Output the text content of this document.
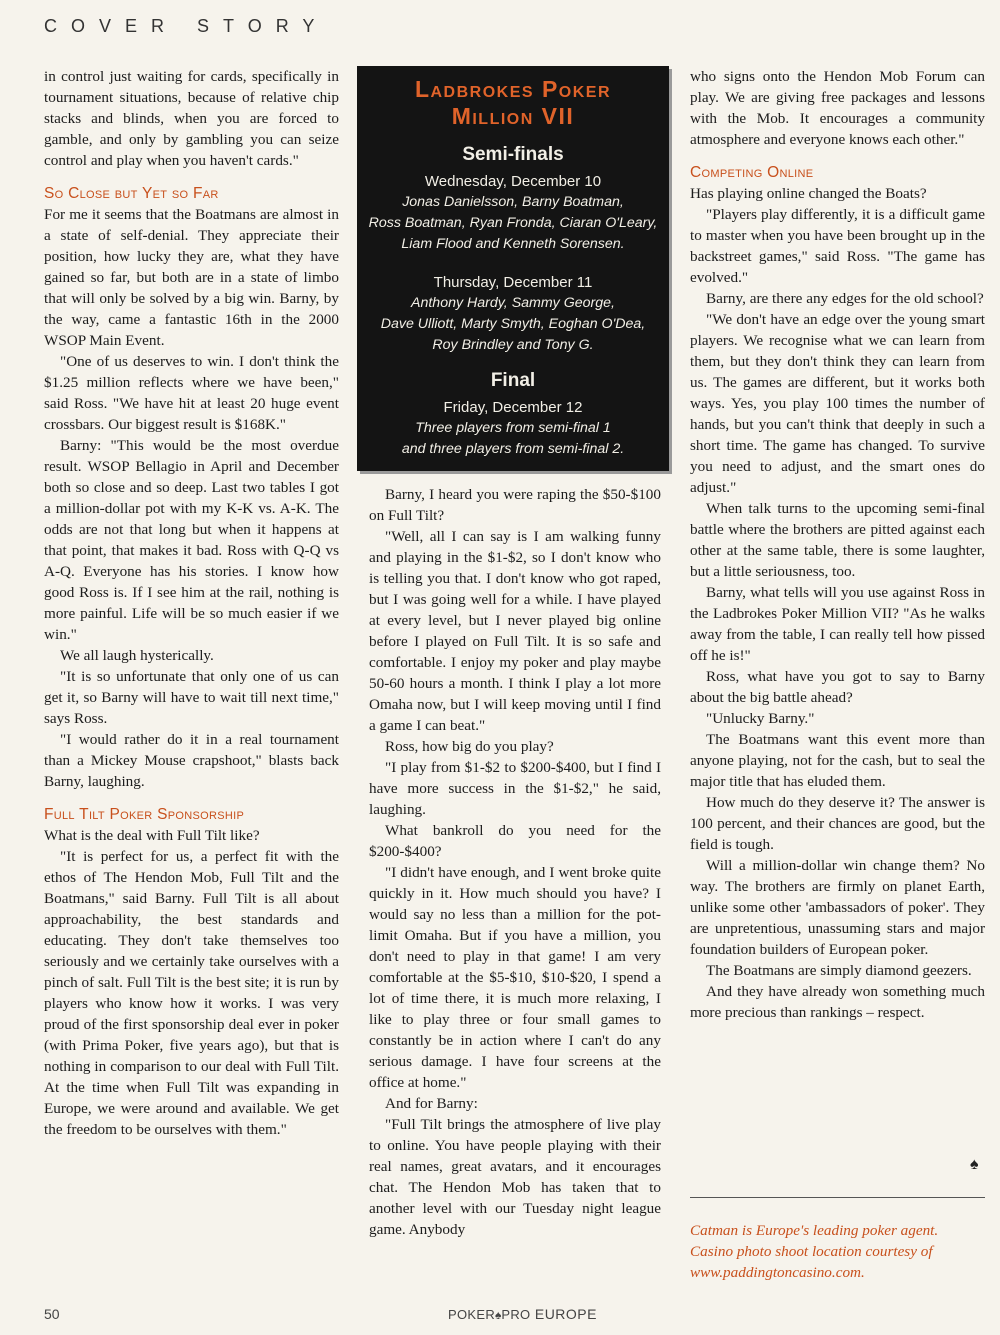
COVER STORY

in control just waiting for cards, specifically in tournament situations, because of relative chip stacks and blinds, when you are forced to gamble, and only by gambling you can seize control and play when you haven't cards."

So Close but Yet so Far

For me it seems that the Boatmans are almost in a state of self-denial. They appreciate their position, how lucky they are, what they have gained so far, but both are in a state of limbo that will only be solved by a big win. Barny, by the way, came a fantastic 16th in the 2000 WSOP Main Event.

"One of us deserves to win. I don't think the $1.25 million reflects where we have been," said Ross. "We have hit at least 20 huge event crossbars. Our biggest result is $168K."

Barny: "This would be the most overdue result. WSOP Bellagio in April and December both so close and so deep. Last two tables I got a million-dollar pot with my K-K vs. A-K. The odds are not that long but when it happens at that point, that makes it bad. Ross with Q-Q vs A-Q. Everyone has his stories. I know how good Ross is. If I see him at the rail, nothing is more painful. Life will be so much easier if we win."

We all laugh hysterically.

"It is so unfortunate that only one of us can get it, so Barny will have to wait till next time," says Ross.

"I would rather do it in a real tournament than a Mickey Mouse crapshoot," blasts back Barny, laughing.

Full Tilt Poker Sponsorship

What is the deal with Full Tilt like?

"It is perfect for us, a perfect fit with the ethos of The Hendon Mob, Full Tilt and the Boatmans," said Barny. Full Tilt is all about approachability, the best standards and educating. They don't take themselves too seriously and we certainly take ourselves with a pinch of salt. Full Tilt is the best site; it is run by players who know how it works. I was very proud of the first sponsorship deal ever in poker (with Prima Poker, five years ago), but that is nothing in comparison to our deal with Full Tilt. At the time when Full Tilt was expanding in Europe, we were around and available. We get the freedom to be ourselves with them."

Ladbrokes Poker
Million VII
Semi-finals
Wednesday, December 10
Jonas Danielsson, Barny Boatman,
Ross Boatman, Ryan Fronda, Ciaran O'Leary,
Liam Flood and Kenneth Sorensen.
Thursday, December 11
Anthony Hardy, Sammy George,
Dave Ulliott, Marty Smyth, Eoghan O'Dea,
Roy Brindley and Tony G.
Final
Friday, December 12
Three players from semi-final 1
and three players from semi-final 2.

Barny, I heard you were raping the $50-$100 on Full Tilt?

"Well, all I can say is I am walking funny and playing in the $1-$2, so I don't know who is telling you that. I don't know who got raped, but I was going well for a while. I have played at every level, but I never played big online before I played on Full Tilt. It is so safe and comfortable. I enjoy my poker and play maybe 50-60 hours a month. I think I play a lot more Omaha now, but I will keep moving until I find a game I can beat."

Ross, how big do you play?

"I play from $1-$2 to $200-$400, but I find I have more success in the $1-$2," he said, laughing.

What bankroll do you need for the $200-$400?

"I didn't have enough, and I went broke quite quickly in it. How much should you have? I would say no less than a million for the pot-limit Omaha. But if you have a million, you don't need to play in that game! I am very comfortable at the $5-$10, $10-$20, I spend a lot of time there, it is much more relaxing, I like to play three or four small games to constantly be in action where I can't do any serious damage. I have four screens at the office at home."

And for Barny:

"Full Tilt brings the atmosphere of live play to online. You have people playing with their real names, great avatars, and it encourages chat. The Hendon Mob has taken that to another level with our Tuesday night league game. Anybody

who signs onto the Hendon Mob Forum can play. We are giving free packages and lessons with the Mob. It encourages a community atmosphere and everyone knows each other."

Competing Online

Has playing online changed the Boats?

"Players play differently, it is a difficult game to master when you have been brought up in the backstreet games," said Ross. "The game has evolved."

Barny, are there any edges for the old school?

"We don't have an edge over the young smart players. We recognise what we can learn from them, but they don't think they can learn from us. The games are different, but it works both ways. Yes, you play 100 times the number of hands, but you can't think that deeply in such a short time. The game has changed. To survive you need to adjust, and the smart ones do adjust."

When talk turns to the upcoming semi-final battle where the brothers are pitted against each other at the same table, there is some laughter, but a little seriousness, too.

Barny, what tells will you use against Ross in the Ladbrokes Poker Million VII? "As he walks away from the table, I can really tell how pissed off he is!"

Ross, what have you got to say to Barny about the big battle ahead?

"Unlucky Barny."

The Boatmans want this event more than anyone playing, not for the cash, but to seal the major title that has eluded them.

How much do they deserve it? The answer is 100 percent, and their chances are good, but the field is tough.

Will a million-dollar win change them? No way. The brothers are firmly on planet Earth, unlike some other 'ambassadors of poker'. They are unpretentious, unassuming stars and major foundation builders of European poker.

The Boatmans are simply diamond geezers.

And they have already won something much more precious than rankings – respect.

♠
Catman is Europe's leading poker agent. Casino photo shoot location courtesy of www.paddingtoncasino.com.
50	POKER♠PRO EUROPE
